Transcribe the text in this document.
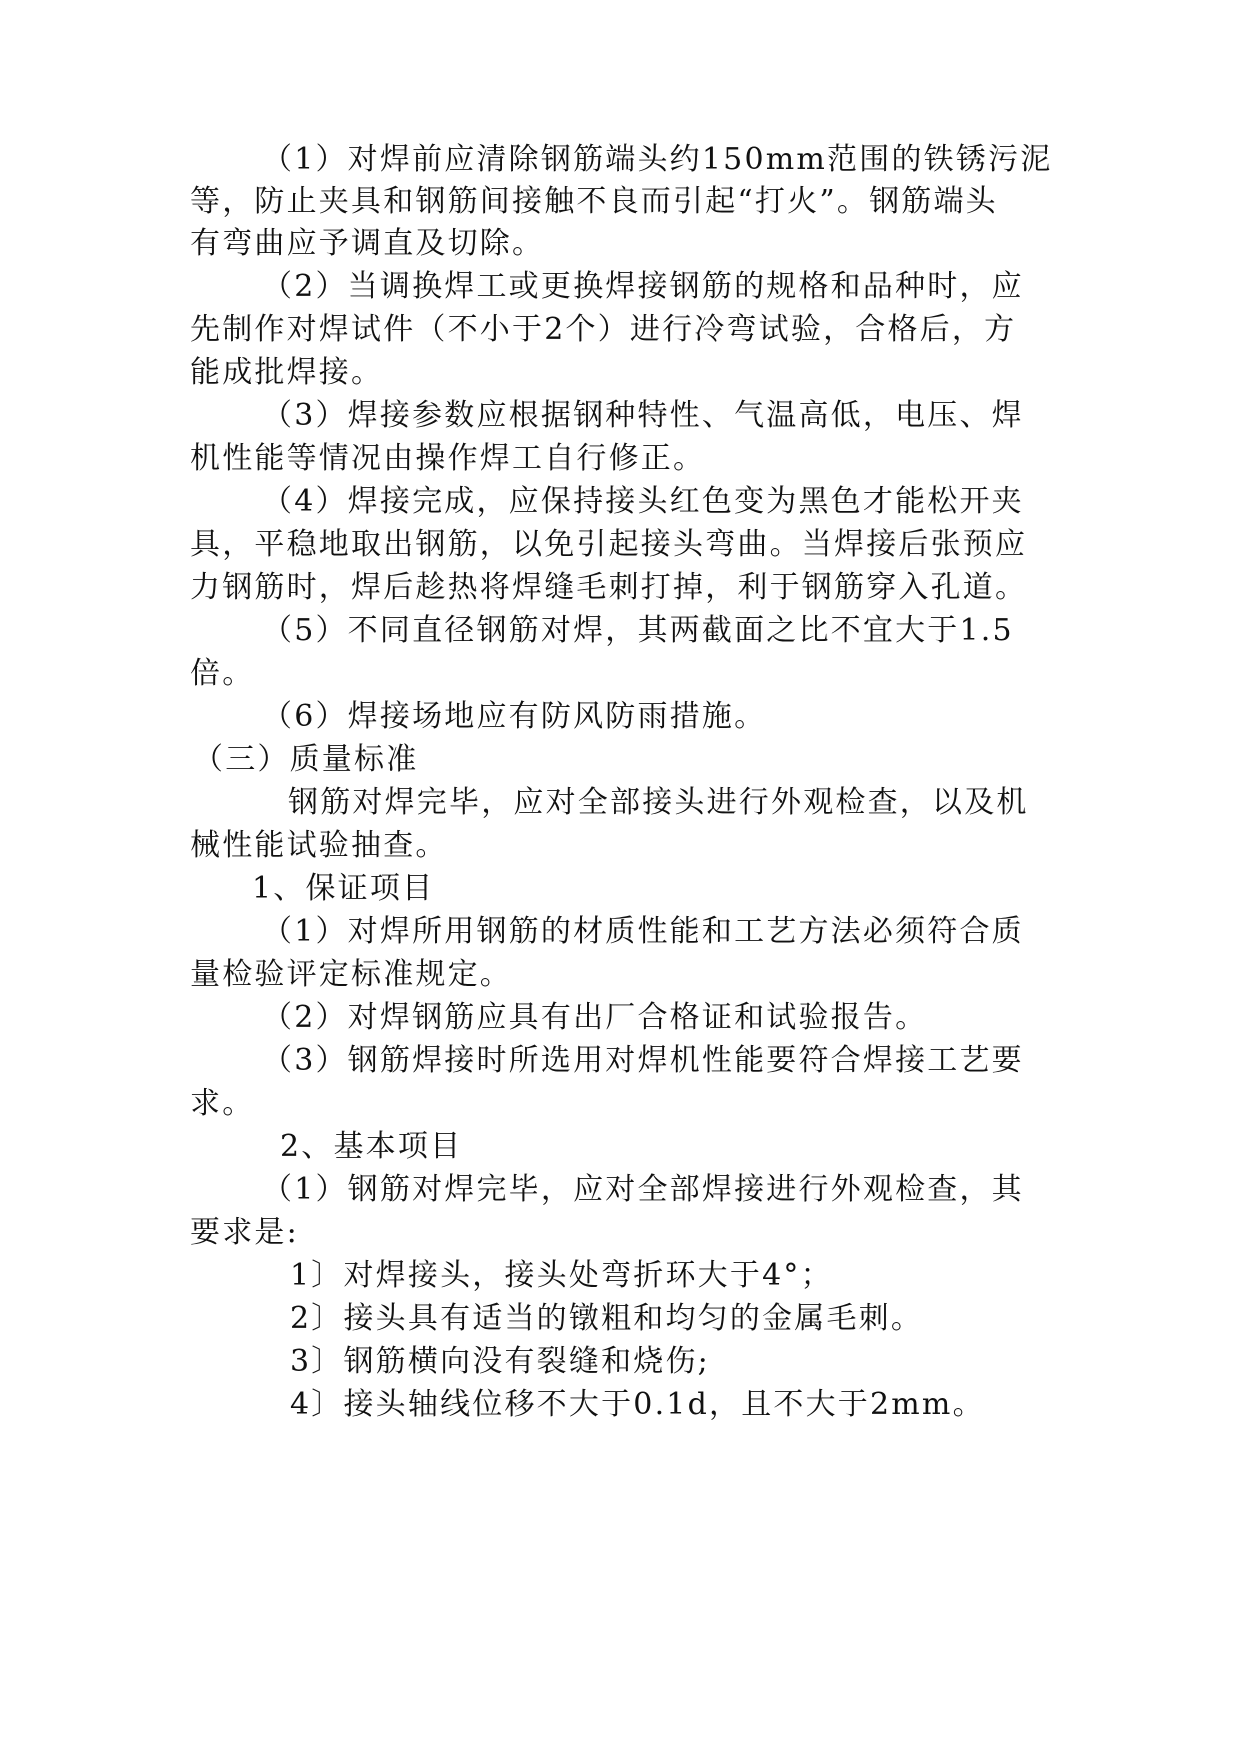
（1）对焊前应清除钢筋端头约150mm范围的铁锈污泥
等，防止夹具和钢筋间接触不良而引起“打火”。钢筋端头
有弯曲应予调直及切除。
（2）当调换焊工或更换焊接钢筋的规格和品种时，应
先制作对焊试件（不小于2个）进行冷弯试验，合格后，方
能成批焊接。
（3）焊接参数应根据钢种特性、气温高低，电压、焊
机性能等情况由操作焊工自行修正。
（4）焊接完成，应保持接头红色变为黑色才能松开夹
具，平稳地取出钢筋，以免引起接头弯曲。当焊接后张预应
力钢筋时，焊后趁热将焊缝毛刺打掉，利于钢筋穿入孔道。
（5）不同直径钢筋对焊，其两截面之比不宜大于1.5
倍。
（6）焊接场地应有防风防雨措施。
（三）质量标准
钢筋对焊完毕，应对全部接头进行外观检查，以及机
械性能试验抽查。
1、保证项目
（1）对焊所用钢筋的材质性能和工艺方法必须符合质
量检验评定标准规定。
（2）对焊钢筋应具有出厂合格证和试验报告。
（3）钢筋焊接时所选用对焊机性能要符合焊接工艺要
求。
2、基本项目
（1）钢筋对焊完毕，应对全部焊接进行外观检查，其
要求是:
1〕对焊接头，接头处弯折环大于4°；
2〕接头具有适当的镦粗和均匀的金属毛刺。
3〕钢筋横向没有裂缝和烧伤;
4〕接头轴线位移不大于0.1d，且不大于2mm。
